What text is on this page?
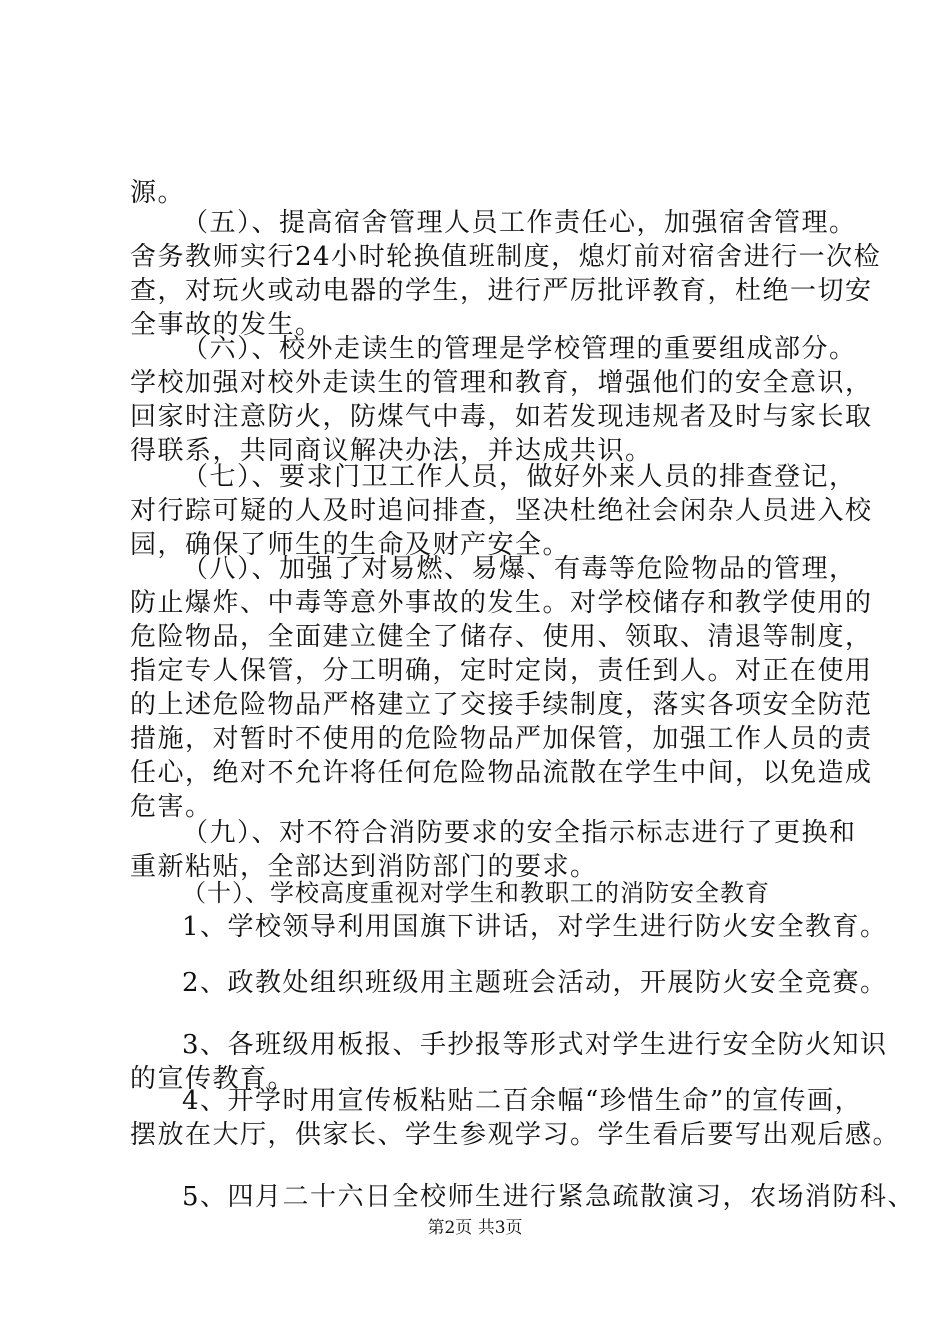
源。
（五）、提高宿舍管理人员工作责任心，加强宿舍管理。
舍务教师实行24小时轮换值班制度，熄灯前对宿舍进行一次检
查，对玩火或动电器的学生，进行严厉批评教育，杜绝一切安
全事故的发生。
（六）、校外走读生的管理是学校管理的重要组成部分。
学校加强对校外走读生的管理和教育，增强他们的安全意识，
回家时注意防火，防煤气中毒，如若发现违规者及时与家长取
得联系，共同商议解决办法，并达成共识。
（七）、要求门卫工作人员，做好外来人员的排查登记，
对行踪可疑的人及时追问排查，坚决杜绝社会闲杂人员进入校
园，确保了师生的生命及财产安全。
（八）、加强了对易燃、易爆、有毒等危险物品的管理，
防止爆炸、中毒等意外事故的发生。对学校储存和教学使用的
危险物品，全面建立健全了储存、使用、领取、清退等制度，
指定专人保管，分工明确，定时定岗，责任到人。对正在使用
的上述危险物品严格建立了交接手续制度，落实各项安全防范
措施，对暂时不使用的危险物品严加保管，加强工作人员的责
任心，绝对不允许将任何危险物品流散在学生中间，以免造成
危害。
（九）、对不符合消防要求的安全指示标志进行了更换和
重新粘贴，全部达到消防部门的要求。
（十）、学校高度重视对学生和教职工的消防安全教育
1、学校领导利用国旗下讲话，对学生进行防火安全教育。
2、政教处组织班级用主题班会活动，开展防火安全竞赛。
3、各班级用板报、手抄报等形式对学生进行安全防火知识
的宣传教育。
4、开学时用宣传板粘贴二百余幅“珍惜生命”的宣传画，
摆放在大厅，供家长、学生参观学习。学生看后要写出观后感。
5、四月二十六日全校师生进行紧急疏散演习，农场消防科、
第2页 共3页
